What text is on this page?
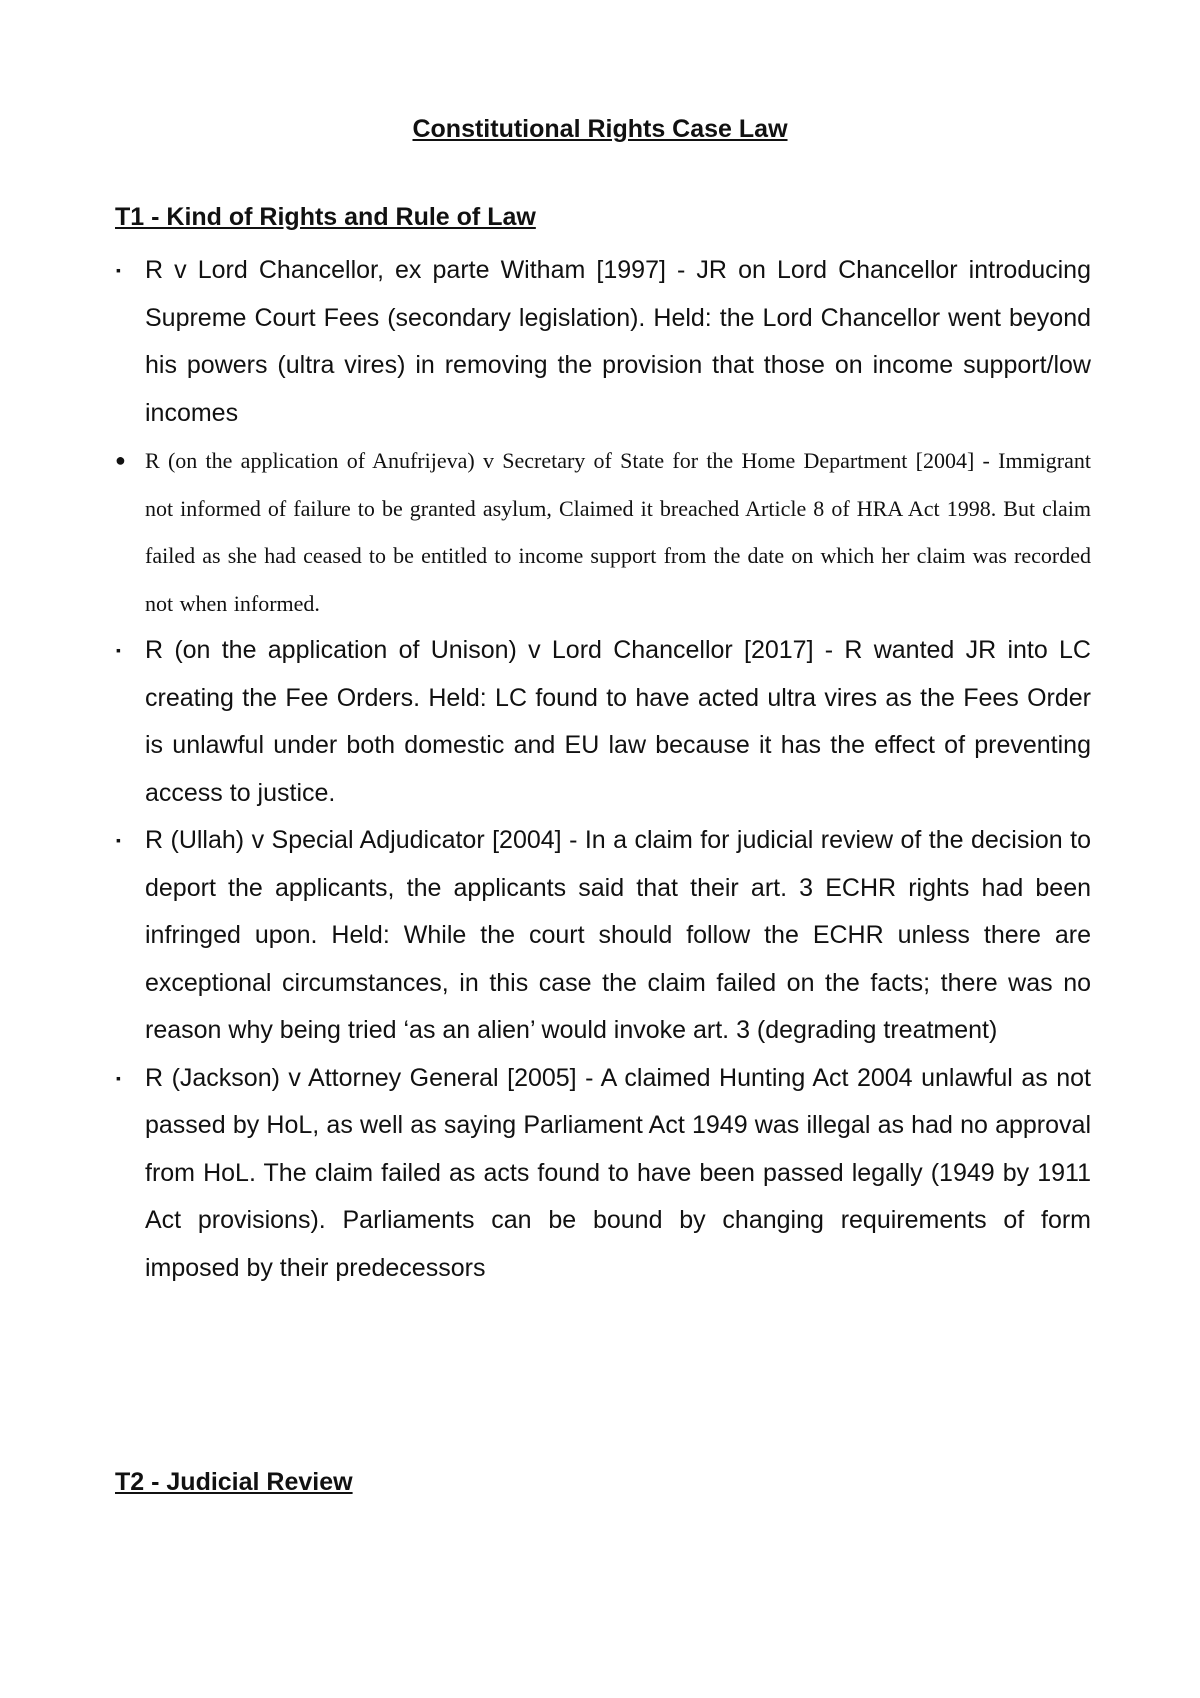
Constitutional Rights Case Law
T1 - Kind of Rights and Rule of Law
▪ R v Lord Chancellor, ex parte Witham [1997] - JR on Lord Chancellor introducing Supreme Court Fees (secondary legislation). Held: the Lord Chancellor went beyond his powers (ultra vires) in removing the provision that those on income support/low incomes
● R (on the application of Anufrijeva) v Secretary of State for the Home Department [2004] - Immigrant not informed of failure to be granted asylum, Claimed it breached Article 8 of HRA Act 1998. But claim failed as she had ceased to be entitled to income support from the date on which her claim was recorded not when informed.
▪ R (on the application of Unison) v Lord Chancellor [2017] - R wanted JR into LC creating the Fee Orders. Held: LC found to have acted ultra vires as the Fees Order is unlawful under both domestic and EU law because it has the effect of preventing access to justice.
▪ R (Ullah) v Special Adjudicator [2004] - In a claim for judicial review of the decision to deport the applicants, the applicants said that their art. 3 ECHR rights had been infringed upon. Held: While the court should follow the ECHR unless there are exceptional circumstances, in this case the claim failed on the facts; there was no reason why being tried ‘as an alien’ would invoke art. 3 (degrading treatment)
▪ R (Jackson) v Attorney General [2005] - A claimed Hunting Act 2004 unlawful as not passed by HoL, as well as saying Parliament Act 1949 was illegal as had no approval from HoL. The claim failed as acts found to have been passed legally (1949 by 1911 Act provisions). Parliaments can be bound by changing requirements of form imposed by their predecessors
T2 - Judicial Review
